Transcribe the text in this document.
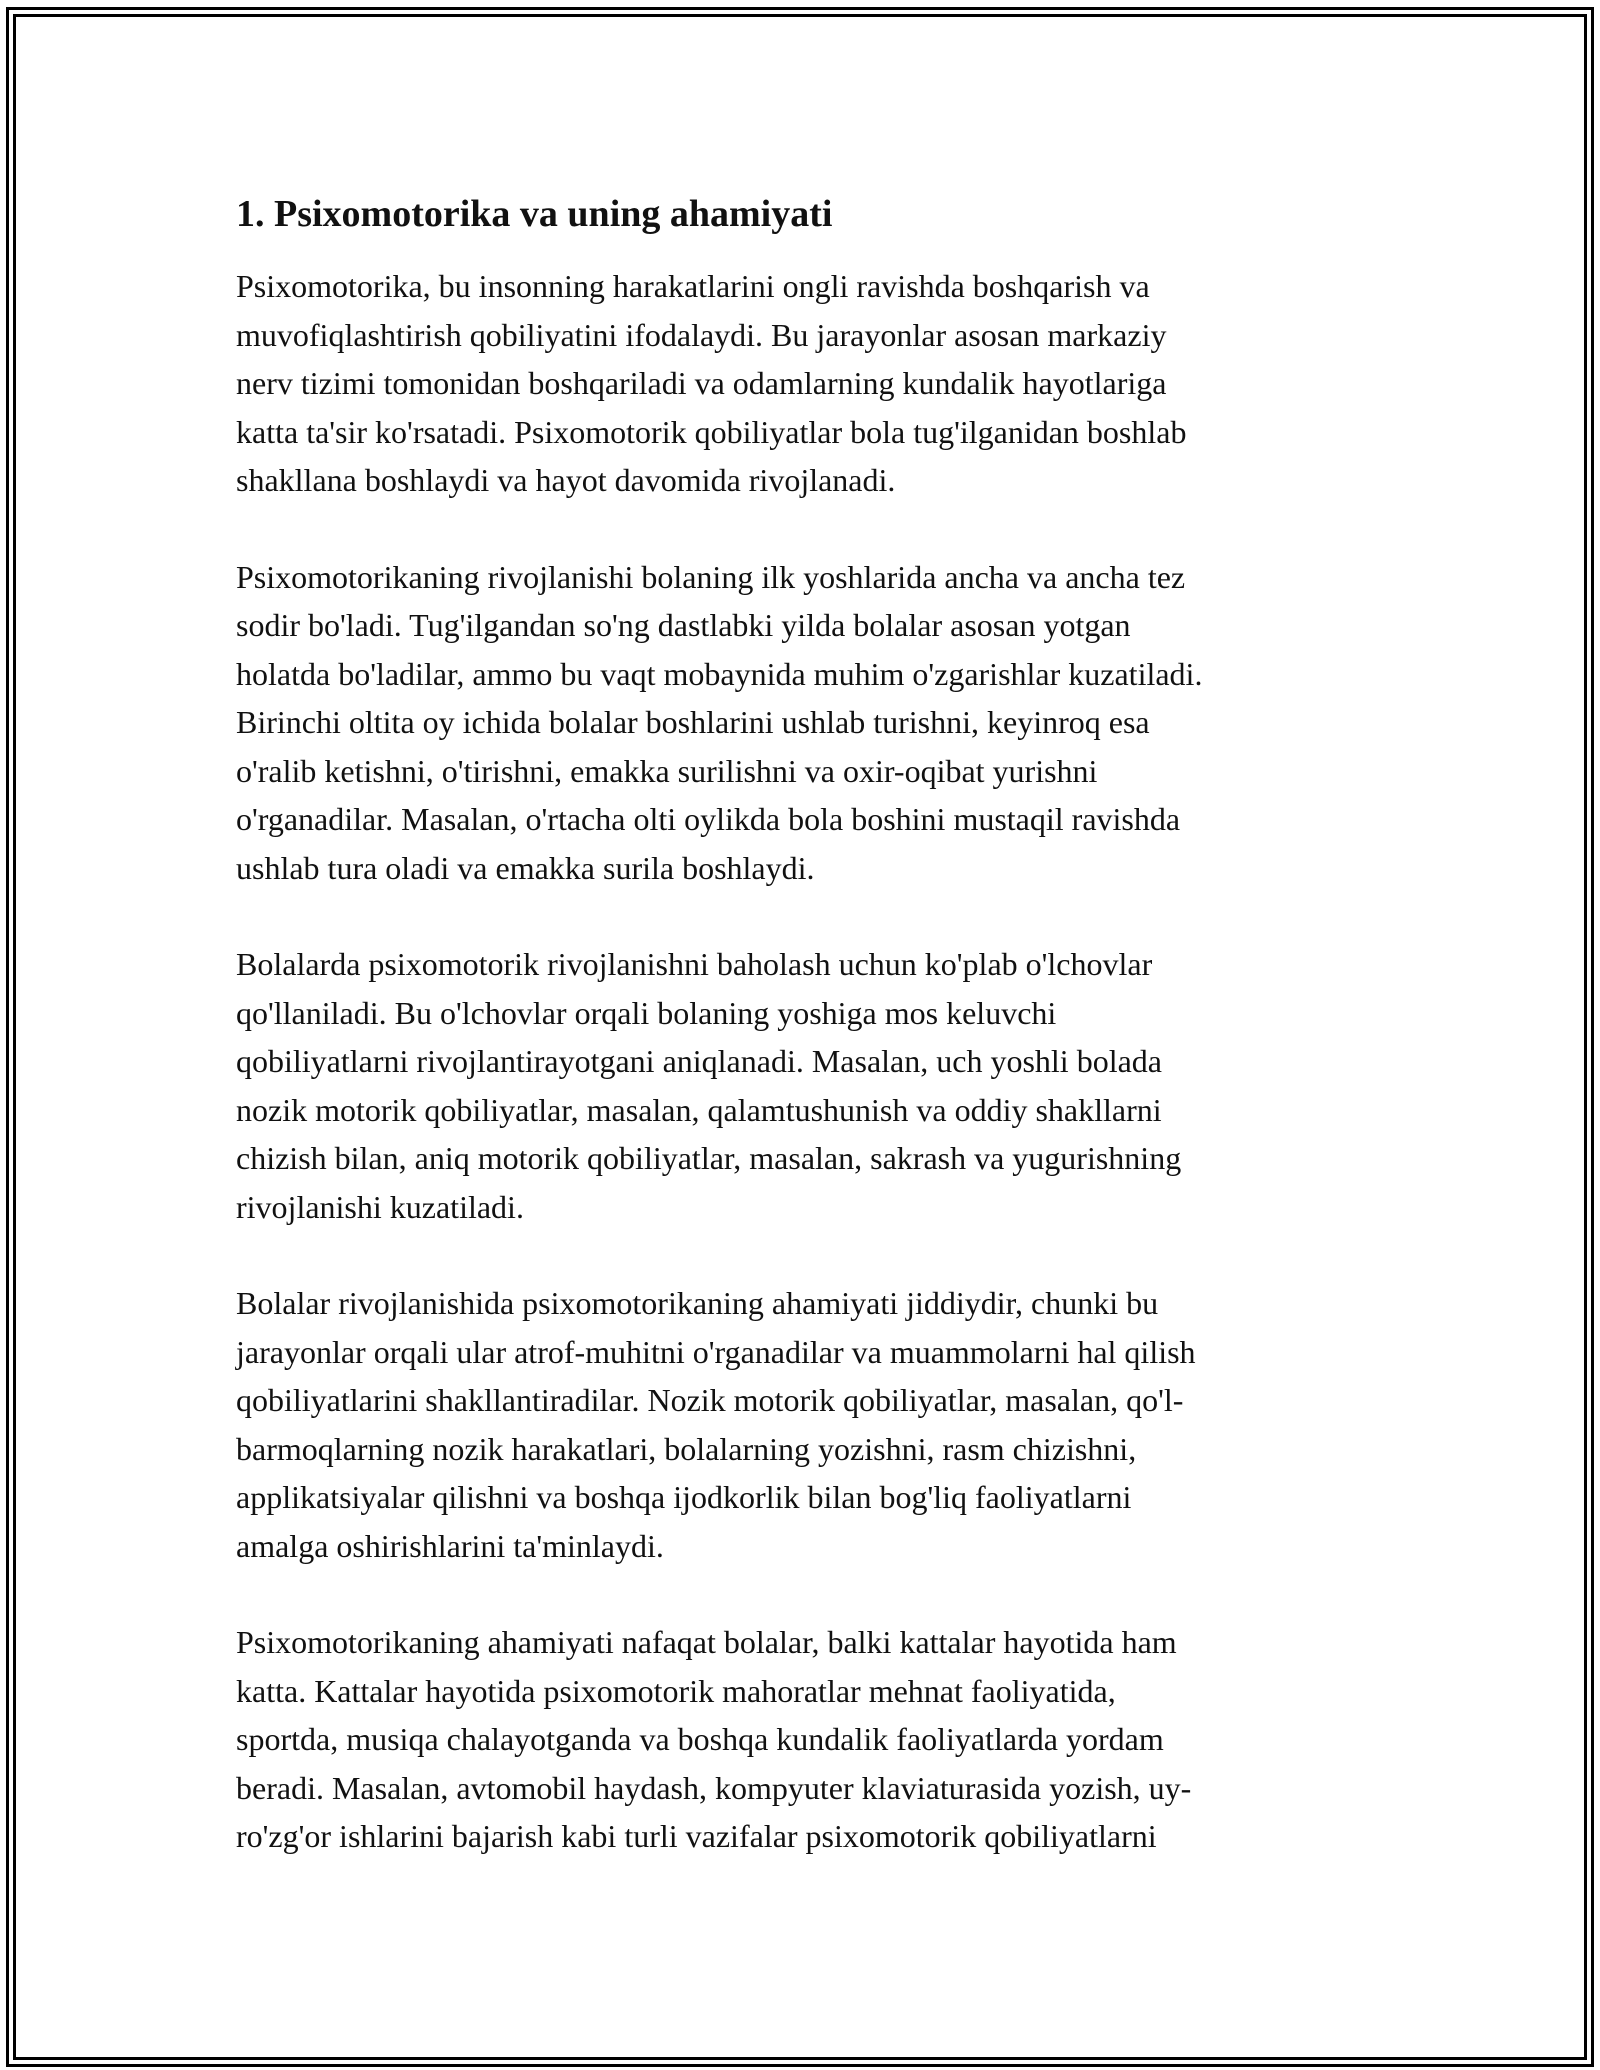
1. Psixomotorika va uning ahamiyati

Psixomotorika, bu insonning harakatlarini ongli ravishda boshqarish va
muvofiqlashtirish qobiliyatini ifodalaydi. Bu jarayonlar asosan markaziy
nerv tizimi tomonidan boshqariladi va odamlarning kundalik hayotlariga
katta ta'sir ko'rsatadi. Psixomotorik qobiliyatlar bola tug'ilganidan boshlab
shakllana boshlaydi va hayot davomida rivojlanadi.

Psixomotorikaning rivojlanishi bolaning ilk yoshlarida ancha va ancha tez
sodir bo'ladi. Tug'ilgandan so'ng dastlabki yilda bolalar asosan yotgan
holatda bo'ladilar, ammo bu vaqt mobaynida muhim o'zgarishlar kuzatiladi.
Birinchi oltita oy ichida bolalar boshlarini ushlab turishni, keyinroq esa
o'ralib ketishni, o'tirishni, emakka surilishni va oxir-oqibat yurishni
o'rganadilar. Masalan, o'rtacha olti oylikda bola boshini mustaqil ravishda
ushlab tura oladi va emakka surila boshlaydi.

Bolalarda psixomotorik rivojlanishni baholash uchun ko'plab o'lchovlar
qo'llaniladi. Bu o'lchovlar orqali bolaning yoshiga mos keluvchi
qobiliyatlarni rivojlantirayotgani aniqlanadi. Masalan, uch yoshli bolada
nozik motorik qobiliyatlar, masalan, qalamtushunish va oddiy shakllarni
chizish bilan, aniq motorik qobiliyatlar, masalan, sakrash va yugurishning
rivojlanishi kuzatiladi.

Bolalar rivojlanishida psixomotorikaning ahamiyati jiddiydir, chunki bu
jarayonlar orqali ular atrof-muhitni o'rganadilar va muammolarni hal qilish
qobiliyatlarini shakllantiradilar. Nozik motorik qobiliyatlar, masalan, qo'l-
barmoqlarning nozik harakatlari, bolalarning yozishni, rasm chizishni,
applikatsiyalar qilishni va boshqa ijodkorlik bilan bog'liq faoliyatlarni
amalga oshirishlarini ta'minlaydi.

Psixomotorikaning ahamiyati nafaqat bolalar, balki kattalar hayotida ham
katta. Kattalar hayotida psixomotorik mahoratlar mehnat faoliyatida,
sportda, musiqa chalayotganda va boshqa kundalik faoliyatlarda yordam
beradi. Masalan, avtomobil haydash, kompyuter klaviaturasida yozish, uy-
ro'zg'or ishlarini bajarish kabi turli vazifalar psixomotorik qobiliyatlarni
